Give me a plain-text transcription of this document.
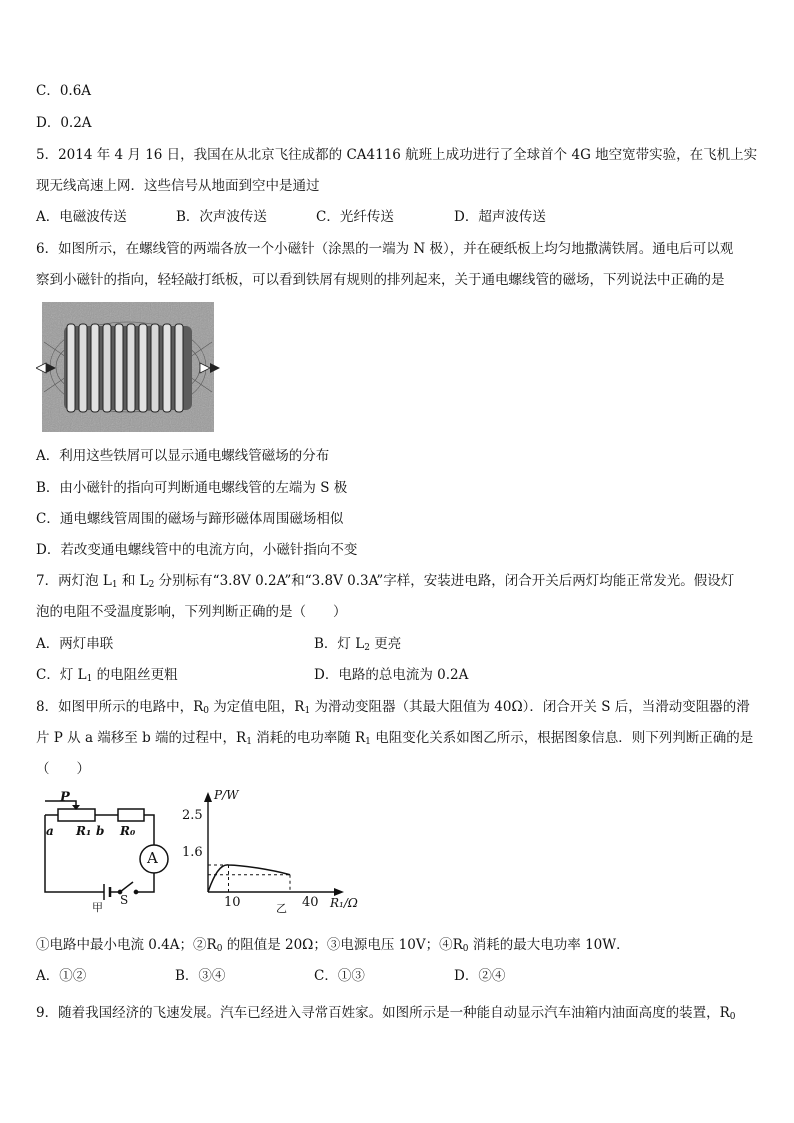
C．0.6A
D．0.2A
5．2014 年 4 月 16 日，我国在从北京飞往成都的 CA4116 航班上成功进行了全球首个 4G 地空宽带实验，在飞机上实
现无线高速上网．这些信号从地面到空中是通过
A．电磁波传送	B．次声波传送	C．光纤传送	D．超声波传送
6．如图所示，在螺线管的两端各放一个小磁针（涂黑的一端为 N 极），并在硬纸板上均匀地撒满铁屑。通电后可以观
察到小磁针的指向，轻轻敲打纸板，可以看到铁屑有规则的排列起来，关于通电螺线管的磁场，下列说法中正确的是
A．利用这些铁屑可以显示通电螺线管磁场的分布
B．由小磁针的指向可判断通电螺线管的左端为 S 极
C．通电螺线管周围的磁场与蹄形磁体周围磁场相似
D．若改变通电螺线管中的电流方向，小磁针指向不变
7．两灯泡 $L_1$ 和 $L_2$ 分别标有“3.8V 0.2A”和“3.8V 0.3A”字样，安装进电路，闭合开关后两灯均能正常发光。假设灯
泡的电阻不受温度影响，下列判断正确的是（　　）
A．两灯串联	B．灯 $L_2$ 更亮
C．灯 $L_1$ 的电阻丝更粗	D．电路的总电流为 0.2A
8．如图甲所示的电路中，$R_0$ 为定值电阻，$R_1$ 为滑动变阻器（其最大阻值为 40Ω）．闭合开关 S 后，当滑动变阻器的滑
片 P 从 a 端移至 b 端的过程中，$R_1$ 消耗的电功率随 $R_1$ 电阻变化关系如图乙所示，根据图象信息．则下列判断正确的是
（　　）
P
a R₁ b R₀
A
S
甲
P/W
2.5
1.6
10	40
乙	R₁/Ω
①电路中最小电流 0.4A；$②R_0$ 的阻值是 20Ω；③电源电压 10V；$④R_0$ 消耗的最大电功率 10W．
A．①②	B．③④	C．①③	D．②④
9．随着我国经济的飞速发展。汽车已经进入寻常百姓家。如图所示是一种能自动显示汽车油箱内油面高度的装置，$R_0$
